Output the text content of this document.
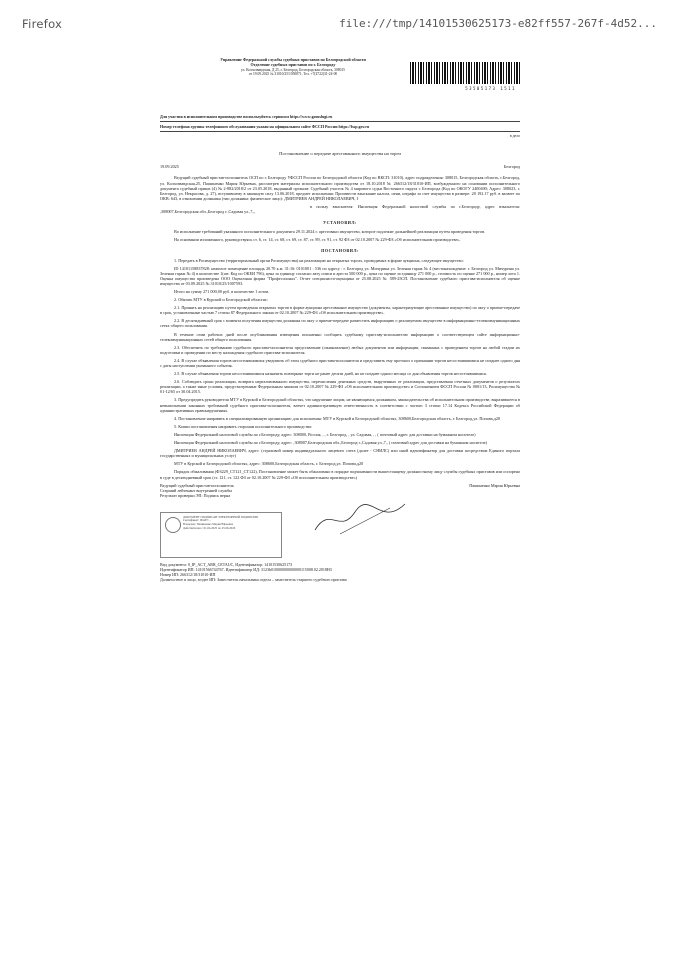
Firefox	file:///tmp/14101530625173-e82ff557-267f-4d52...
Управление Федеральной службы судебных приставов по Белгородской области
Отделение судебных приставов по г. Белгороду
ул. Колхозвавдская, Д 25, г. Белгород, Белгородская область, 308015
от 19.09.2025 № 31010/25/1050871, Тел. +7(4722)31-24-00
53505173 1511
Для участия в исполнительном производстве воспользуйтесь сервисом https://www.gosuslugi.ru
Номер телефона группы телефонного обслуживания указан на официальном сайте ФССП России https://fssp.gov.ru
в дело
Постановление о передаче арестованного имущества на торги
19.09.2025	Белгород

Ведущий судебный пристав-исполнитель ОСП по г. Белгороду УФССП России по Белгородской области (Код по ВКСП: 31010), адрес подразделения: 308015, Белгородская область, г.Белгород, ул. Колхозвавдская,25, Пашиненко Мария Юрьевна, рассмотрев материалы исполнительного производства от 18.10.2018 № 266312/18/31010-ИП, возбужденного на основании исполнительного документа судебный приказ (4) № 2-882/2018/2 от 23.05.2018, выданный органом: Судебный участок № 4 мирового судьи Восточного округа г. Белгорода (Код по ОКОГУ 2400400; Адрес: 308023, г. Белгород, ул. Некрасова, д. 27), вступившему в законную силу 13.06.2018, предмет исполнения: Произвести взыскание налога, пени, штрафа за счет имущества в размере: 20 192.17 руб. в валюте по ОКВ: 643, в отношении должника (тип должника: физическое лицо): ДМИТРИЕВ АНДРЕЙ НИКОЛАЕВИЧ, I

в пользу взыскателя: Инспекция Федеральной налоговой службы по г.Белгороду, адрес взыскателя: ,308007,Белгородская обл.,Белгород г.,Садовая ул.,7,,,

УСТАНОВИЛ:

Во исполнение требований указанного исполнительного документа 29.11.2024 г. арестовано имущество, которое подлежит дальнейшей реализации путем проведения торгов.

На основании изложенного, руководствуясь ст. 6, ст. 14, ст. 68, ст. 69, ст. 87, ст. 89, ст. 91, ст. 92 ФЗ от 02.10.2007 № 229-ФЗ «Об исполнительном производстве»,

ПОСТАНОВИЛ:

1. Передать в Росимущество (территориальный орган Росимущества) на реализацию на открытых торгах, проводимых в форме аукциона, следующее имущество:

ID 14101158837828: нежилое помещение площадь 20.70 к.м. 31:16: 0101001 : 536 по адресу : г. Белгород ул. Мичурина ул. Зеленая гараж № 4 (местонахождение: г. Белгород ул. Мичурина ул. Зеленая гараж № 4) в количестве 1(шт. Код по ОКЕИ 796), цена за единицу согласно акту описи и ареста 500 000 р., цена по оценке за единицу 271 000 р., стоимость по оценке 271 000 р., номер лота 1. Оценка имущества произведена ООО Оценочная фирма "Профессионал". Отчет специалиста-оценщика от 25.08.2025 № 589-25СП. Постановление судебного пристава-исполнителя об оценке имущества от 03.09.2025 № 31010/25/1007593.

Итого на сумму 271 000,00 руб. в количестве 1 лотов.

2. Обязать МТУ в Курской и Белгородской областях:

2.1. Принять на реализацию путем проведения открытых торгов в форме аукциона арестованное имущество (документы, характеризующие арестованное имущество) по акту о приеме-передаче в срок, установленные частью 7 статьи 87 Федерального закона от 02.10.2007 № 229-ФЗ «Об исполнительном производстве».

2.2. В десятидневный срок с момента получения имущества должника по акту о приеме-передаче разместить информацию о реализуемом имуществе в информационно-телекоммуникационных сетях общего пользования.

В течение семи рабочих дней после опубликования извещения письменно сообщить судебному приставу-исполнителю информацию о соответствующем сайте информационно-телекоммуникационных сетей общего пользования.

2.3. Обеспечить по требованию судебного пристава-исполнителя представление (ознакомление) любых документов или информации, связанных с проведением торгов на любой стадии их подготовки и проведении по месту нахождения судебного пристава-исполнителя.

2.4. В случае объявления торгов несостоявшимися уведомить об этом судебного пристава-исполнителя и представить ему протокол о признании торгов несостоявшимися не позднее одного дня с даты наступления указанного события.

2.5. В случае объявления торгов несостоявшимися назначить повторные торги не ранее десяти дней, но не позднее одного месяца со дня объявления торгов несостоявшимися.

2.6. Соблюдать сроки реализации, возврата нереализованного имущества, перечисления денежных средств, вырученных от реализации, представления отчетных документов о результатах реализации, а также иные условия, предусмотренные Федеральным законом от 02.10.2007 № 229-ФЗ «Об исполнительном производстве» и Соглашением ФССП России № 0001/13, Росимущества № 01-12/65 от 30.04.2015.

3. Предупредить руководителя МТУ в Курской и Белгородской областях, что нарушение лицом, не являющимся должником, законодательства об исполнительном производстве, выразившееся в невыполнении законных требований судебного пристава-исполнителя, влечет административную ответственность в соответствии с частью 3 статьи 17.14 Кодекса Российской Федерации об административных правонарушениях.

4. Постановление направить в специализированную организацию для исполнения: МТУ в Курской и Белгородской областях, 308600,Белгородская область, г. Белгород,ул. Попова,д20

5. Копии постановления направить сторонам исполнительного производства:

Инспекция Федеральной налоговой службы по г.Белгороду, адрес: 308000, Россия, , , г. Белгород, , ул. Садовая, , , ( почтовый адрес для доставки на бумажном носителе)

Инспекция Федеральной налоговой службы по г.Белгороду, адрес: ,308007,Белгородская обл.,Белгород г.,Садовая ул.,7,, ( почтовый адрес для доставки на бумажном носителе)

ДМИТРИЕВ АНДРЕЙ НИКОЛАЕВИЧ, адрес: (страховой номер индивидуального лицевого счета (далее - СНИЛС) или иной идентификатор для доставки посредством Единого портала государственных и муниципальных услуг)

МТУ в Курской и Белгородской областях, адрес: 308600,Белгородская область, г. Белгород,ул. Попова,д20

Порядок обжалования (ФЗ229_СТ121_СТ122), Постановление может быть обжаловано в порядке подчиненности вышестоящему должностному лицу службы судебных приставов или оспорено в суде в десятидневный срок (ст. 121, ст. 122 ФЗ от 02.10.2007 № 229-ФЗ «Об исполнительном производстве»)

Ведущий судебный пристав-исполнитель	Пашиненко Мария Юрьевна
Старший лейтенант внутренней службы
Результат проверки ЭП: Подпись верна
ДОКУМЕНТ ПОДПИСАН ЭЛЕКТРОННОЙ ПОДПИСЬЮ
Сертификат: 00АЕ7...
Владелец: Пашиненко Мария Юрьевна
Действителен с 01.04.2025 по 25.06.2026
Вид документа: 0_IP_ACT_ARR_CETAUC, Идентификатор: 14101530625173
Идентификатор ИП: 14101566744767, Идентификатор ИД: 3123b010000000000000115008.02.2018H3
Номер ИП: 266312/18/31010-ИП
Должностное и лицо, зоздее ИП: Заместитель начальника отдела – заместитель старшего судебного пристава
